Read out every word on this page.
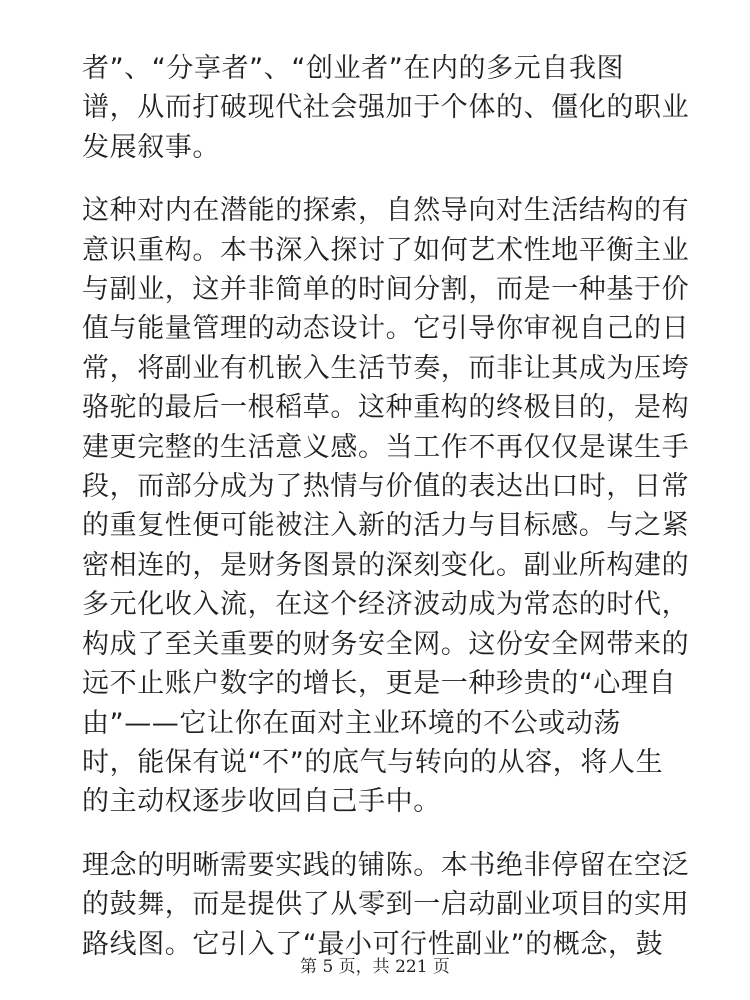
者”、“分享者”、“创业者”在内的多元自我图
谱，从而打破现代社会强加于个体的、僵化的职业
发展叙事。

这种对内在潜能的探索，自然导向对生活结构的有
意识重构。本书深入探讨了如何艺术性地平衡主业
与副业，这并非简单的时间分割，而是一种基于价
值与能量管理的动态设计。它引导你审视自己的日
常，将副业有机嵌入生活节奏，而非让其成为压垮
骆驼的最后一根稻草。这种重构的终极目的，是构
建更完整的生活意义感。当工作不再仅仅是谋生手
段，而部分成为了热情与价值的表达出口时，日常
的重复性便可能被注入新的活力与目标感。与之紧
密相连的，是财务图景的深刻变化。副业所构建的
多元化收入流，在这个经济波动成为常态的时代，
构成了至关重要的财务安全网。这份安全网带来的
远不止账户数字的增长，更是一种珍贵的“心理自
由”——它让你在面对主业环境的不公或动荡
时，能保有说“不”的底气与转向的从容，将人生
的主动权逐步收回自己手中。

理念的明晰需要实践的铺陈。本书绝非停留在空泛
的鼓舞，而是提供了从零到一启动副业项目的实用
路线图。它引入了“最小可行性副业”的概念，鼓

第 5 页，共 221 页
